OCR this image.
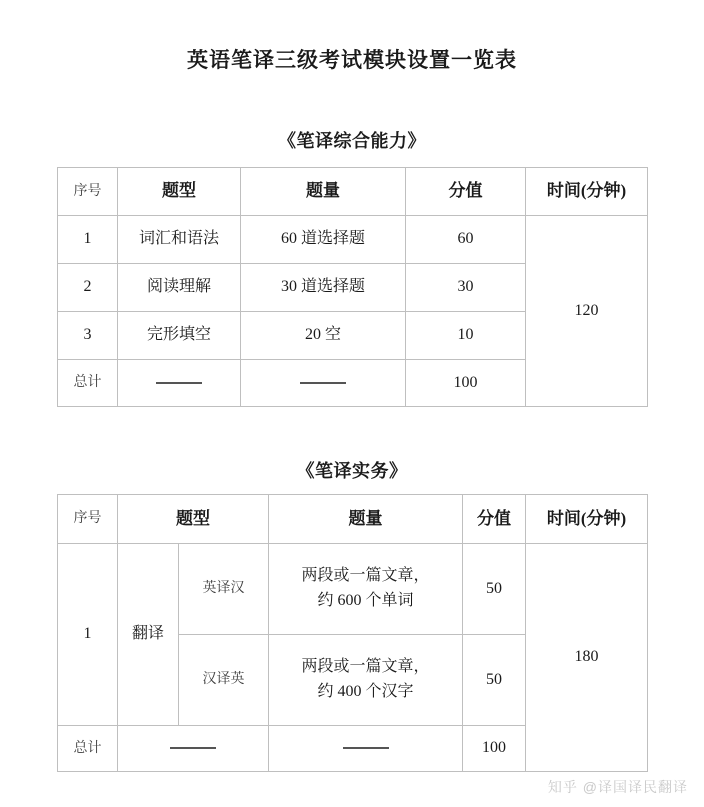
英语笔译三级考试模块设置一览表
《笔译综合能力》
序号	题型	题量	分值	时间(分钟)
1	词汇和语法	60 道选择题	60	120
2	阅读理解	30 道选择题	30	
3	完形填空	20 空	10	
总计			100	
《笔译实务》
序号	题型		题量	分值	时间(分钟)
1	翻译	英译汉	两段或一篇文章，
约 600 个单词	50	180
		汉译英	两段或一篇文章，
约 400 个汉字	50	
总计				100	
知乎 @译国译民翻译
